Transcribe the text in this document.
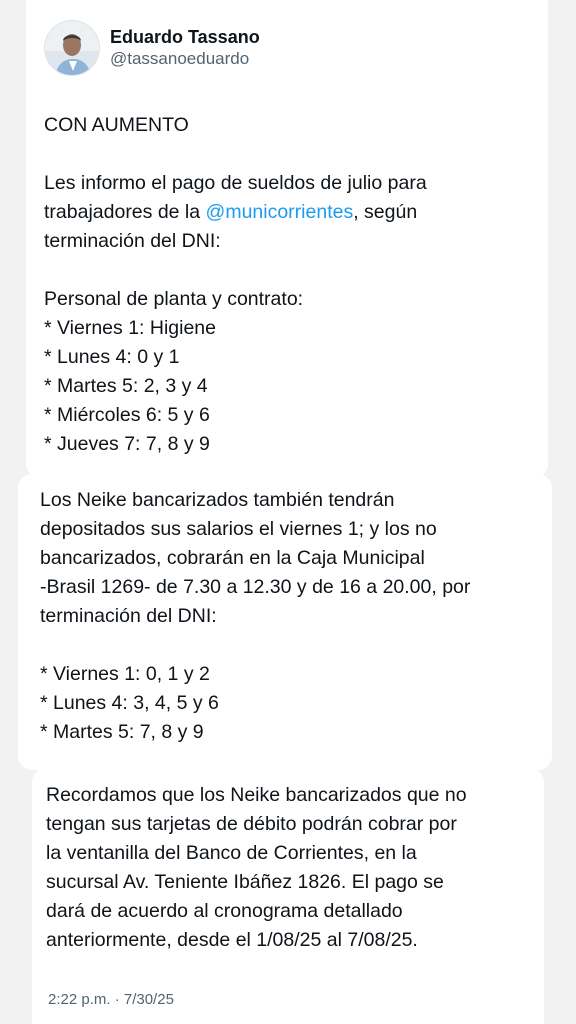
Eduardo Tassano
@tassanoeduardo
CON AUMENTO
Les informo el pago de sueldos de julio para
trabajadores de la @municorrientes, según
terminación del DNI:
Personal de planta y contrato:
* Viernes 1: Higiene
* Lunes 4: 0 y 1
* Martes 5: 2, 3 y 4
* Miércoles 6: 5 y 6
* Jueves 7: 7, 8 y 9
Los Neike bancarizados también tendrán
depositados sus salarios el viernes 1; y los no
bancarizados, cobrarán en la Caja Municipal
-Brasil 1269- de 7.30 a 12.30 y de 16 a 20.00, por
terminación del DNI:
* Viernes 1: 0, 1 y 2
* Lunes 4: 3, 4, 5 y 6
* Martes 5: 7, 8 y 9
Recordamos que los Neike bancarizados que no
tengan sus tarjetas de débito podrán cobrar por
la ventanilla del Banco de Corrientes, en la
sucursal Av. Teniente Ibáñez 1826. El pago se
dará de acuerdo al cronograma detallado
anteriormente, desde el 1/08/25 al 7/08/25.
2:22 p.m. · 7/30/25
